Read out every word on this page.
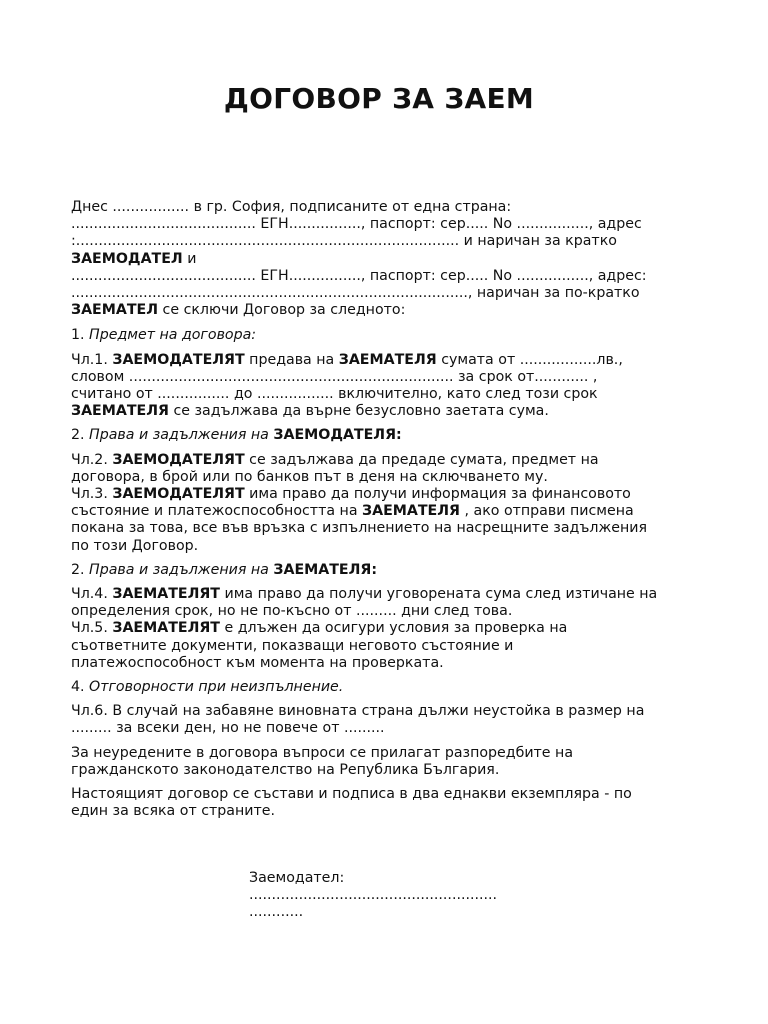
ДОГОВОР ЗА ЗАЕМ

Днес ................. в гр. София, подписаните от една страна:
......................................... ЕГН................, паспорт: сер..... No ................, адрес
:..................................................................................... и наричан за кратко
ЗАЕМОДАТЕЛ и
......................................... ЕГН................, паспорт: сер..... No ................, адрес:
........................................................................................, наричан за по-кратко
ЗАЕМАТЕЛ се сключи Договор за следното:

1. Предмет на договора:

Чл.1. ЗАЕМОДАТЕЛЯТ предава на ЗАЕМАТЕЛЯ сумата от .................лв.,
словом ........................................................................ за срок от............ ,
считано от ................ до ................. включително, като след този срок
ЗАЕМАТЕЛЯ се задължава да върне безусловно заетата сума.

2. Права и задължения на ЗАЕМОДАТЕЛЯ:

Чл.2. ЗАЕМОДАТЕЛЯТ се задължава да предаде сумата, предмет на
договора, в брой или по банков път в деня на сключването му.

Чл.3. ЗАЕМОДАТЕЛЯТ има право да получи информация за финансовото
състояние и платежоспособността на ЗАЕМАТЕЛЯ , ако отправи писмена
покана за това, все във връзка с изпълнението на насрещните задължения
по този Договор.

2. Права и задължения на ЗАЕМАТЕЛЯ:

Чл.4. ЗАЕМАТЕЛЯТ има право да получи уговорената сума след изтичане на
определения срок, но не по-късно от ......... дни след това.

Чл.5. ЗАЕМАТЕЛЯТ е длъжен да осигури условия за проверка на
съответните документи, показващи неговото състояние и
платежоспособност към момента на проверката.

4. Отговорности при неизпълнение.

Чл.6. В случай на забавяне виновната страна дължи неустойка в размер на
......... за всеки ден, но не повече от .........

За неуредените в договора въпроси се прилагат разпоредбите на
гражданското законодателство на Република България.

Настоящият договор се състави и подписа в два еднакви екземпляра - по
един за всяка от страните.

Заемодател:
.......................................................
............
